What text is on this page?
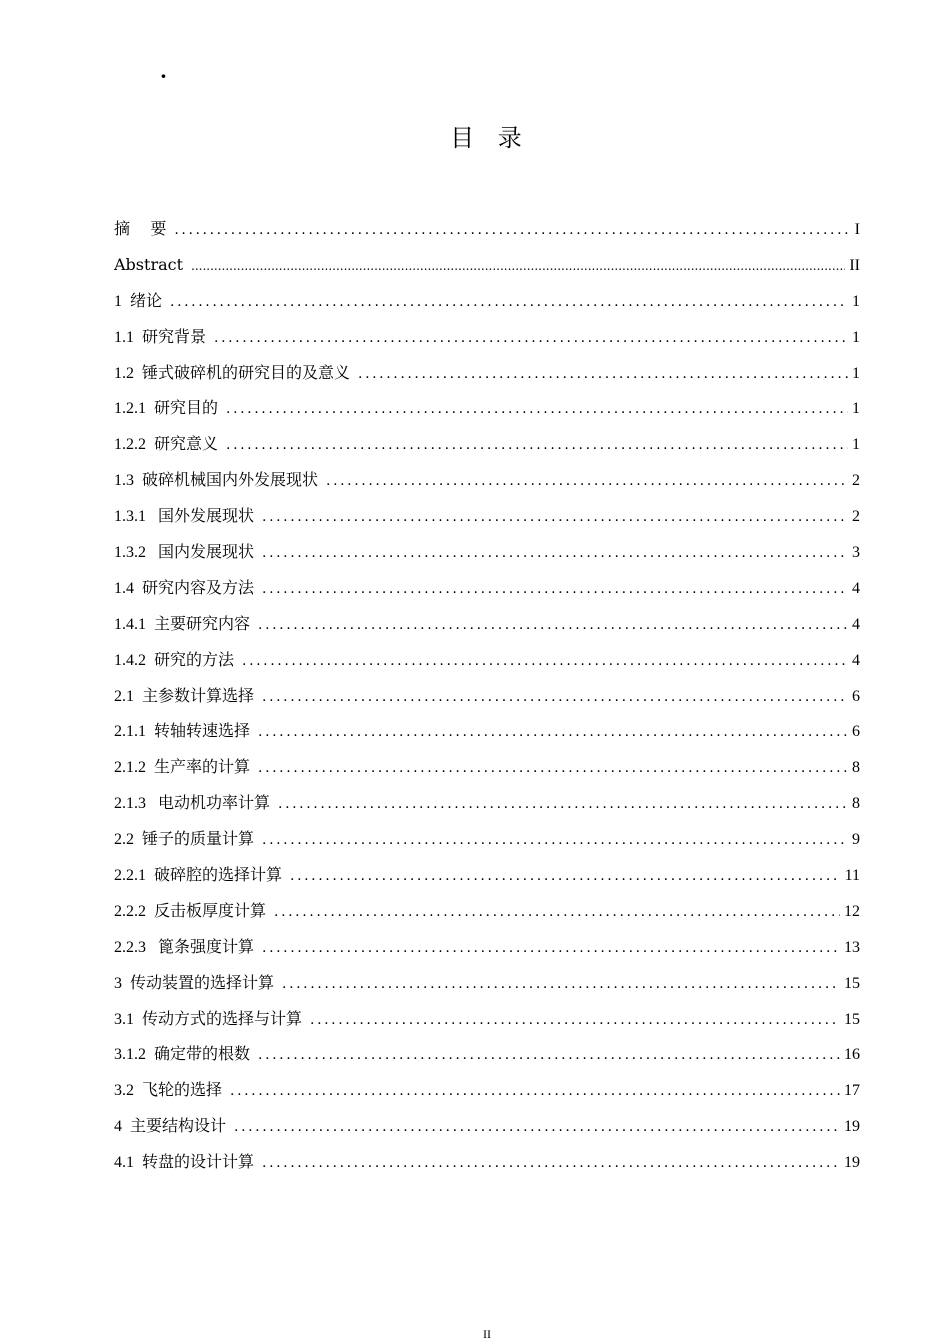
·
目 录
摘    要 .....	I
Abstract .....	II
1 绪论 .....	1
1.1 研究背景 .....	1
1.2 锤式破碎机的研究目的及意义 .....	1
1.2.1 研究目的 .....	1
1.2.2 研究意义 .....	1
1.3 破碎机械国内外发展现状 .....	2
1.3.1 国外发展现状 .....	2
1.3.2 国内发展现状 .....	3
1.4 研究内容及方法 .....	4
1.4.1 主要研究内容 .....	4
1.4.2 研究的方法 .....	4
2.1 主参数计算选择 .....	6
2.1.1 转轴转速选择 .....	6
2.1.2 生产率的计算 .....	8
2.1.3 电动机功率计算 .....	8
2.2 锤子的质量计算 .....	9
2.2.1 破碎腔的选择计算 .....	11
2.2.2 反击板厚度计算 .....	12
2.2.3 篦条强度计算 .....	13
3 传动装置的选择计算 .....	15
3.1 传动方式的选择与计算 .....	15
3.1.2 确定带的根数 .....	16
3.2 飞轮的选择 .....	17
4 主要结构设计 .....	19
4.1 转盘的设计计算 .....	19
II
